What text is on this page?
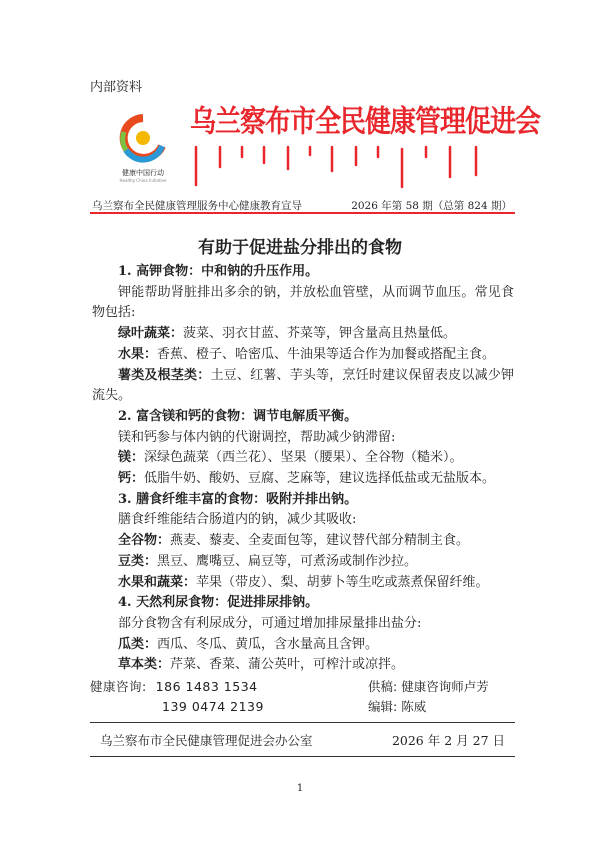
内部资料
健康中国行动
Healthy China Initiative
乌兰察布市全民健康管理促进会
乌兰察布全民健康管理服务中心健康教育宣导	2026 年第 58 期（总第 824 期）
有助于促进盐分排出的食物
1. 高钾食物：中和钠的升压作用。
钾能帮助肾脏排出多余的钠，并放松血管壁，从而调节血压。常见食物包括:
绿叶蔬菜：菠菜、羽衣甘蓝、芥菜等，钾含量高且热量低。
水果：香蕉、橙子、哈密瓜、牛油果等适合作为加餐或搭配主食。
薯类及根茎类：土豆、红薯、芋头等，烹饪时建议保留表皮以减少钾流失。
2. 富含镁和钙的食物：调节电解质平衡。
镁和钙参与体内钠的代谢调控，帮助减少钠滞留:
镁：深绿色蔬菜（西兰花）、坚果（腰果）、全谷物（糙米）。
钙：低脂牛奶、酸奶、豆腐、芝麻等，建议选择低盐或无盐版本。
3. 膳食纤维丰富的食物：吸附并排出钠。
膳食纤维能结合肠道内的钠，减少其吸收:
全谷物：燕麦、藜麦、全麦面包等，建议替代部分精制主食。
豆类：黑豆、鹰嘴豆、扁豆等，可煮汤或制作沙拉。
水果和蔬菜：苹果（带皮）、梨、胡萝卜等生吃或蒸煮保留纤维。
4. 天然利尿食物：促进排尿排钠。
部分食物含有利尿成分，可通过增加排尿量排出盐分:
瓜类：西瓜、冬瓜、黄瓜，含水量高且含钾。
草本类：芹菜、香菜、蒲公英叶，可榨汁或凉拌。
健康咨询: 186 1483 1534
139 0474 2139
供稿: 健康咨询师卢芳
编辑: 陈威
乌兰察布市全民健康管理促进会办公室	2026 年 2 月 27 日
1
